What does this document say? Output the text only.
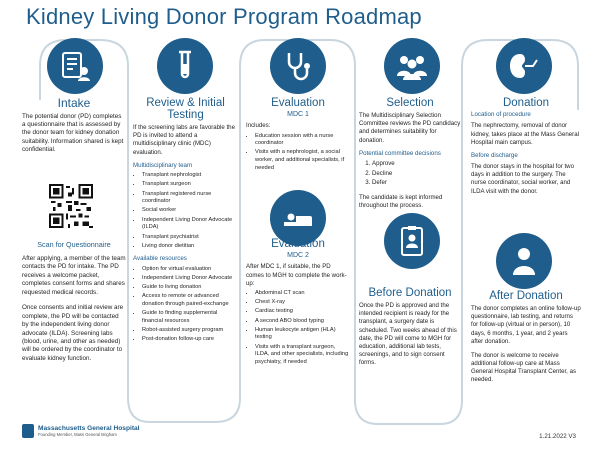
Kidney Living Donor Program Roadmap
Scan for Questionnaire
Intake

The potential donor (PD) completes a questionnaire that is assessed by the donor team for kidney donation suitability. Information shared is kept confidential.

After applying, a member of the team contacts the PD for intake. The PD receives a welcome packet, completes consent forms and shares requested medical records.

Once consents and initial review are complete, the PD will be contacted by the independent living donor advocate (ILDA). Screening labs (blood, urine, and other as needed) will be ordered by the coordinator to evaluate kidney function.

Review & Initial Testing

If the screening labs are favorable the PD is invited to attend a multidisciplinary clinic (MDC) evaluation.

Multidisciplinary team
• Transplant nephrologist
• Transplant surgeon
• Transplant registered nurse coordinator
• Social worker
• Independent Living Donor Advocate (ILDA)
• Transplant psychiatrist
• Living donor dietitian
Available resources
• Option for virtual evaluation
• Independent Living Donor Advocate
• Guide to living donation
• Access to remote or advanced donation through paired-exchange
• Guide to finding supplemental financial resources
• Robot-assisted surgery program
• Post-donation follow-up care
Evaluation
MDC 1

Includes:

• Education session with a nurse coordinator
• Visits with a nephrologist, a social worker, and additional specialists, if needed
Evaluation
MDC 2

After MDC 1, if suitable, the PD comes to MGH to complete the work-up:

• Abdominal CT scan
• Chest X-ray
• Cardiac testing
• A second ABO blood typing
• Human leukocyte antigen (HLA) testing
• Visits with a transplant surgeon, ILDA, and other specialists, including psychiatry, if needed
Selection

The Multidisciplinary Selection Committee reviews the PD candidacy and determines suitability for donation.

Potential committee decisions
1. Approve
2. Decline
3. Defer

The candidate is kept informed throughout the process.

Before Donation

Once the PD is approved and the intended recipient is ready for the transplant, a surgery date is scheduled. Two weeks ahead of this date, the PD will come to MGH for education, additional lab tests, screenings, and to sign consent forms.

Donation
Location of procedure

The nephrectomy, removal of donor kidney, takes place at the Mass General Hospital main campus.

Before discharge

The donor stays in the hospital for two days in addition to the surgery. The nurse coordinator, social worker, and ILDA visit with the donor.

After Donation

The donor completes an online follow-up questionnaire, lab testing, and returns for follow-up (virtual or in person), 10 days, 6 months, 1 year, and 2 years after donation.

The donor is welcome to receive additional follow-up care at Mass General Hospital Transplant Center, as needed.

Massachusetts General Hospital
Founding Member, Mass General Brigham	1.21.2022 V3
